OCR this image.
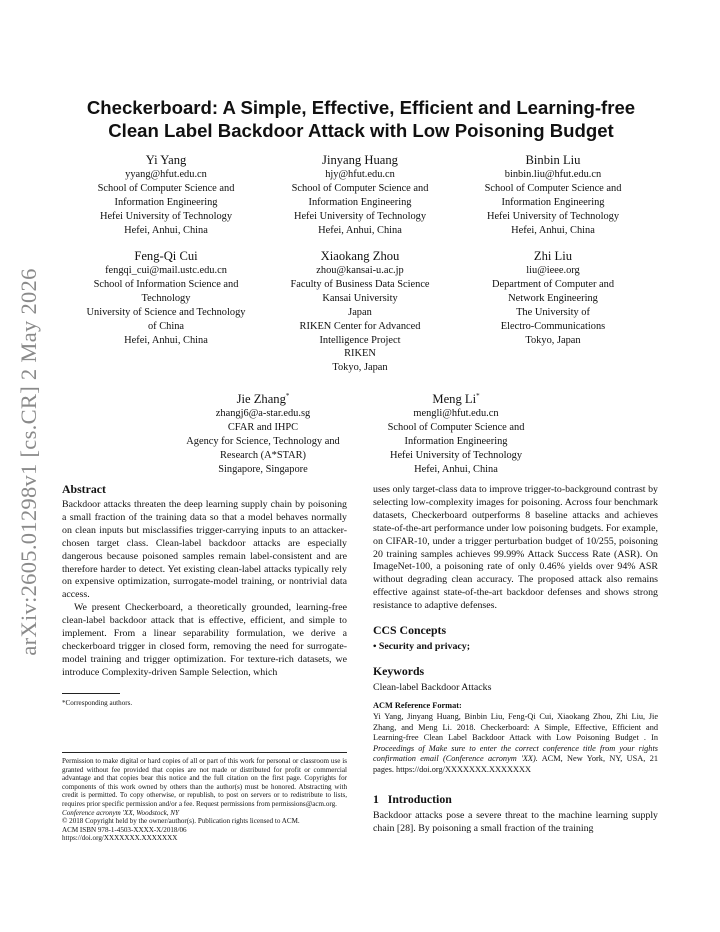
arXiv:2605.01298v1 [cs.CR] 2 May 2026
Checkerboard: A Simple, Effective, Efficient and Learning-free
Clean Label Backdoor Attack with Low Poisoning Budget
Yi Yang
yyang@hfut.edu.cn
School of Computer Science and
Information Engineering
Hefei University of Technology
Hefei, Anhui, China
Jinyang Huang
hjy@hfut.edu.cn
School of Computer Science and
Information Engineering
Hefei University of Technology
Hefei, Anhui, China
Binbin Liu
binbin.liu@hfut.edu.cn
School of Computer Science and
Information Engineering
Hefei University of Technology
Hefei, Anhui, China
Feng-Qi Cui
fengqi_cui@mail.ustc.edu.cn
School of Information Science and
Technology
University of Science and Technology
of China
Hefei, Anhui, China
Xiaokang Zhou
zhou@kansai-u.ac.jp
Faculty of Business Data Science
Kansai University
Japan
RIKEN Center for Advanced
Intelligence Project
RIKEN
Tokyo, Japan
Zhi Liu
liu@ieee.org
Department of Computer and
Network Engineering
The University of
Electro-Communications
Tokyo, Japan
Jie Zhang*
zhangj6@a-star.edu.sg
CFAR and IHPC
Agency for Science, Technology and
Research (A*STAR)
Singapore, Singapore
Meng Li*
mengli@hfut.edu.cn
School of Computer Science and
Information Engineering
Hefei University of Technology
Hefei, Anhui, China
Abstract

Backdoor attacks threaten the deep learning supply chain by poisoning a small fraction of the training data so that a model behaves normally on clean inputs but misclassifies trigger-carrying inputs to an attacker-chosen target class. Clean-label backdoor attacks are especially dangerous because poisoned samples remain label-consistent and are therefore harder to detect. Yet existing clean-label attacks typically rely on expensive optimization, surrogate-model training, or nontrivial data access.

We present Checkerboard, a theoretically grounded, learning-free clean-label backdoor attack that is effective, efficient, and simple to implement. From a linear separability formulation, we derive a checkerboard trigger in closed form, removing the need for surrogate-model training and trigger optimization. For texture-rich datasets, we introduce Complexity-driven Sample Selection, which

*Corresponding authors.
Permission to make digital or hard copies of all or part of this work for personal or classroom use is granted without fee provided that copies are not made or distributed for profit or commercial advantage and that copies bear this notice and the full citation on the first page. Copyrights for components of this work owned by others than the author(s) must be honored. Abstracting with credit is permitted. To copy otherwise, or republish, to post on servers or to redistribute to lists, requires prior specific permission and/or a fee. Request permissions from permissions@acm.org.
Conference acronym 'XX, Woodstock, NY
© 2018 Copyright held by the owner/author(s). Publication rights licensed to ACM.
ACM ISBN 978-1-4503-XXXX-X/2018/06
https://doi.org/XXXXXXX.XXXXXXX

uses only target-class data to improve trigger-to-background contrast by selecting low-complexity images for poisoning. Across four benchmark datasets, Checkerboard outperforms 8 baseline attacks and achieves state-of-the-art performance under low poisoning budgets. For example, on CIFAR-10, under a trigger perturbation budget of 10/255, poisoning 20 training samples achieves 99.99% Attack Success Rate (ASR). On ImageNet-100, a poisoning rate of only 0.46% yields over 94% ASR without degrading clean accuracy. The proposed attack also remains effective against state-of-the-art backdoor defenses and shows strong resistance to adaptive defenses.

CCS Concepts
• Security and privacy;
Keywords
Clean-label Backdoor Attacks
ACM Reference Format:
Yi Yang, Jinyang Huang, Binbin Liu, Feng-Qi Cui, Xiaokang Zhou, Zhi Liu, Jie Zhang, and Meng Li. 2018. Checkerboard: A Simple, Effective, Efficient and Learning-free Clean Label Backdoor Attack with Low Poisoning Budget . In Proceedings of Make sure to enter the correct conference title from your rights confirmation email (Conference acronym 'XX). ACM, New York, NY, USA, 21 pages. https://doi.org/XXXXXXX.XXXXXXX
1 Introduction
Backdoor attacks pose a severe threat to the machine learning supply chain [28]. By poisoning a small fraction of the training
